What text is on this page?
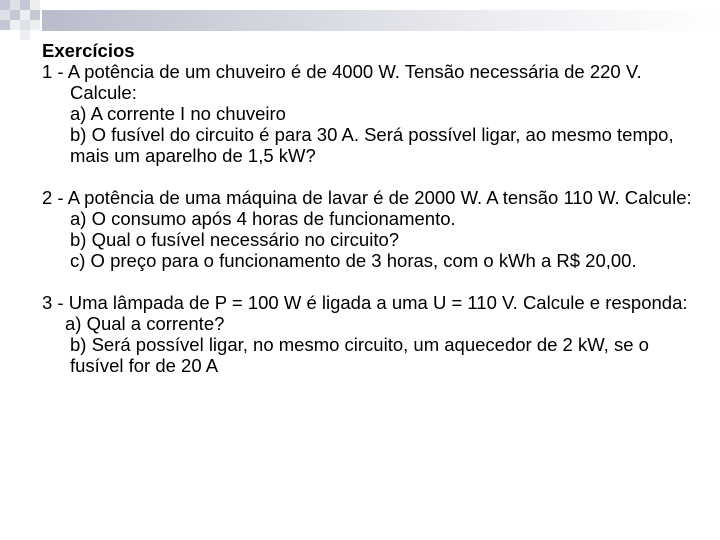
Exercícios
1 - A potência de um chuveiro é de 4000 W. Tensão necessária de 220 V. Calcule:
a) A corrente I no chuveiro
b) O fusível do circuito é para 30 A. Será possível ligar, ao mesmo tempo, mais um aparelho de 1,5 kW?
2 - A potência de uma máquina de lavar é de 2000 W. A tensão 110 W. Calcule:
a) O consumo após 4 horas de funcionamento.
b) Qual o fusível necessário no circuito?
c) O preço para o funcionamento de 3 horas, com o kWh a R$ 20,00.
3 - Uma lâmpada de P = 100 W é ligada a uma U = 110 V. Calcule e responda:
a) Qual a corrente?
b) Será possível ligar, no mesmo circuito, um aquecedor de 2 kW, se o fusível for de 20 A
